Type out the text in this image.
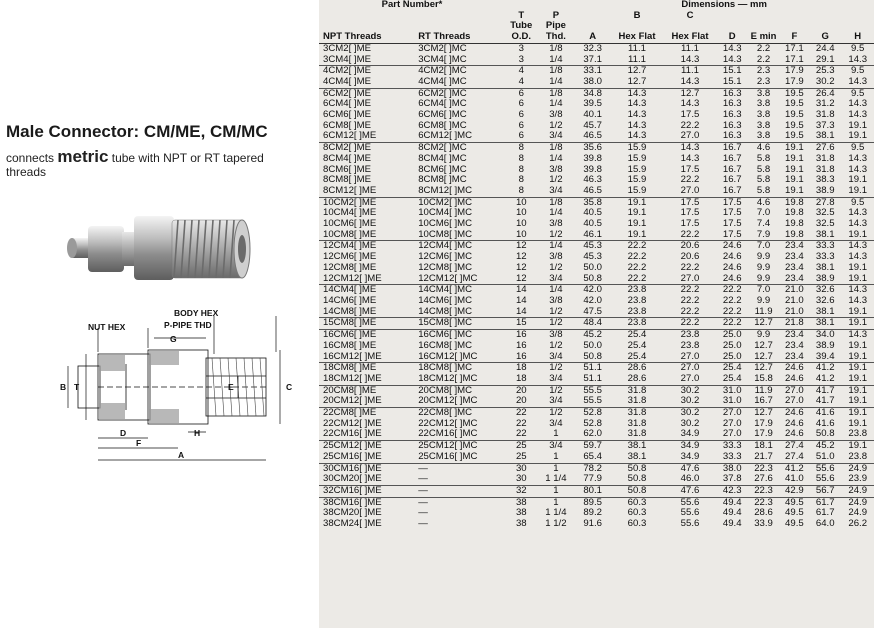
Male Connector: CM/ME, CM/MC
connects metric tube with NPT or RT tapered threads
BODY HEX
NUT HEX	P-PIPE THD
G
B T	E	C
D	H
F
A
Part Number*				Dimensions — mm							
		T	P		B	C					
		Tube	Pipe								
NPT Threads	RT Threads	O.D.	Thd.	A	Hex Flat	Hex Flat	D	E min	F	G	H
3CM2[ ]ME	3CM2[ ]MC	3	1/8	32.3	11.1	11.1	14.3	2.2	17.1	24.4	9.5
3CM4[ ]ME	3CM4[ ]MC	3	1/4	37.1	11.1	14.3	14.3	2.2	17.1	29.1	14.3
4CM2[ ]ME	4CM2[ ]MC	4	1/8	33.1	12.7	11.1	15.1	2.3	17.9	25.3	9.5
4CM4[ ]ME	4CM4[ ]MC	4	1/4	38.0	12.7	14.3	15.1	2.3	17.9	30.2	14.3
6CM2[ ]ME	6CM2[ ]MC	6	1/8	34.8	14.3	12.7	16.3	3.8	19.5	26.4	9.5
6CM4[ ]ME	6CM4[ ]MC	6	1/4	39.5	14.3	14.3	16.3	3.8	19.5	31.2	14.3
6CM6[ ]ME	6CM6[ ]MC	6	3/8	40.1	14.3	17.5	16.3	3.8	19.5	31.8	14.3
6CM8[ ]ME	6CM8[ ]MC	6	1/2	45.7	14.3	22.2	16.3	3.8	19.5	37.3	19.1
6CM12[ ]ME	6CM12[ ]MC	6	3/4	46.5	14.3	27.0	16.3	3.8	19.5	38.1	19.1
8CM2[ ]ME	8CM2[ ]MC	8	1/8	35.6	15.9	14.3	16.7	4.6	19.1	27.6	9.5
8CM4[ ]ME	8CM4[ ]MC	8	1/4	39.8	15.9	14.3	16.7	5.8	19.1	31.8	14.3
8CM6[ ]ME	8CM6[ ]MC	8	3/8	39.8	15.9	17.5	16.7	5.8	19.1	31.8	14.3
8CM8[ ]ME	8CM8[ ]MC	8	1/2	46.3	15.9	22.2	16.7	5.8	19.1	38.3	19.1
8CM12[ ]ME	8CM12[ ]MC	8	3/4	46.5	15.9	27.0	16.7	5.8	19.1	38.9	19.1
10CM2[ ]ME	10CM2[ ]MC	10	1/8	35.8	19.1	17.5	17.5	4.6	19.8	27.8	9.5
10CM4[ ]ME	10CM4[ ]MC	10	1/4	40.5	19.1	17.5	17.5	7.0	19.8	32.5	14.3
10CM6[ ]ME	10CM6[ ]MC	10	3/8	40.5	19.1	17.5	17.5	7.4	19.8	32.5	14.3
10CM8[ ]ME	10CM8[ ]MC	10	1/2	46.1	19.1	22.2	17.5	7.9	19.8	38.1	19.1
12CM4[ ]ME	12CM4[ ]MC	12	1/4	45.3	22.2	20.6	24.6	7.0	23.4	33.3	14.3
12CM6[ ]ME	12CM6[ ]MC	12	3/8	45.3	22.2	20.6	24.6	9.9	23.4	33.3	14.3
12CM8[ ]ME	12CM8[ ]MC	12	1/2	50.0	22.2	22.2	24.6	9.9	23.4	38.1	19.1
12CM12[ ]ME	12CM12[ ]MC	12	3/4	50.8	22.2	27.0	24.6	9.9	23.4	38.9	19.1
14CM4[ ]ME	14CM4[ ]MC	14	1/4	42.0	23.8	22.2	22.2	7.0	21.0	32.6	14.3
14CM6[ ]ME	14CM6[ ]MC	14	3/8	42.0	23.8	22.2	22.2	9.9	21.0	32.6	14.3
14CM8[ ]ME	14CM8[ ]MC	14	1/2	47.5	23.8	22.2	22.2	11.9	21.0	38.1	19.1
15CM8[ ]ME	15CM8[ ]MC	15	1/2	48.4	23.8	22.2	22.2	12.7	21.8	38.1	19.1
16CM6[ ]ME	16CM6[ ]MC	16	3/8	45.2	25.4	23.8	25.0	9.9	23.4	34.0	14.3
16CM8[ ]ME	16CM8[ ]MC	16	1/2	50.0	25.4	23.8	25.0	12.7	23.4	38.9	19.1
16CM12[ ]ME	16CM12[ ]MC	16	3/4	50.8	25.4	27.0	25.0	12.7	23.4	39.4	19.1
18CM8[ ]ME	18CM8[ ]MC	18	1/2	51.1	28.6	27.0	25.4	12.7	24.6	41.2	19.1
18CM12[ ]ME	18CM12[ ]MC	18	3/4	51.1	28.6	27.0	25.4	15.8	24.6	41.2	19.1
20CM8[ ]ME	20CM8[ ]MC	20	1/2	55.5	31.8	30.2	31.0	11.9	27.0	41.7	19.1
20CM12[ ]ME	20CM12[ ]MC	20	3/4	55.5	31.8	30.2	31.0	16.7	27.0	41.7	19.1
22CM8[ ]ME	22CM8[ ]MC	22	1/2	52.8	31.8	30.2	27.0	12.7	24.6	41.6	19.1
22CM12[ ]ME	22CM12[ ]MC	22	3/4	52.8	31.8	30.2	27.0	17.9	24.6	41.6	19.1
22CM16[ ]ME	22CM16[ ]MC	22	1	62.0	31.8	34.9	27.0	17.9	24.6	50.8	23.8
25CM12[ ]ME	25CM12[ ]MC	25	3/4	59.7	38.1	34.9	33.3	18.1	27.4	45.2	19.1
25CM16[ ]ME	25CM16[ ]MC	25	1	65.4	38.1	34.9	33.3	21.7	27.4	51.0	23.8
30CM16[ ]ME	—	30	1	78.2	50.8	47.6	38.0	22.3	41.2	55.6	24.9
30CM20[ ]ME	—	30	1 1/4	77.9	50.8	46.0	37.8	27.6	41.0	55.6	23.9
32CM16[ ]ME	—	32	1	80.1	50.8	47.6	42.3	22.3	42.9	56.7	24.9
38CM16[ ]ME	—	38	1	89.5	60.3	55.6	49.4	22.3	49.5	61.7	24.9
38CM20[ ]ME	—	38	1 1/4	89.2	60.3	55.6	49.4	28.6	49.5	61.7	24.9
38CM24[ ]ME	—	38	1 1/2	91.6	60.3	55.6	49.4	33.9	49.5	64.0	26.2
